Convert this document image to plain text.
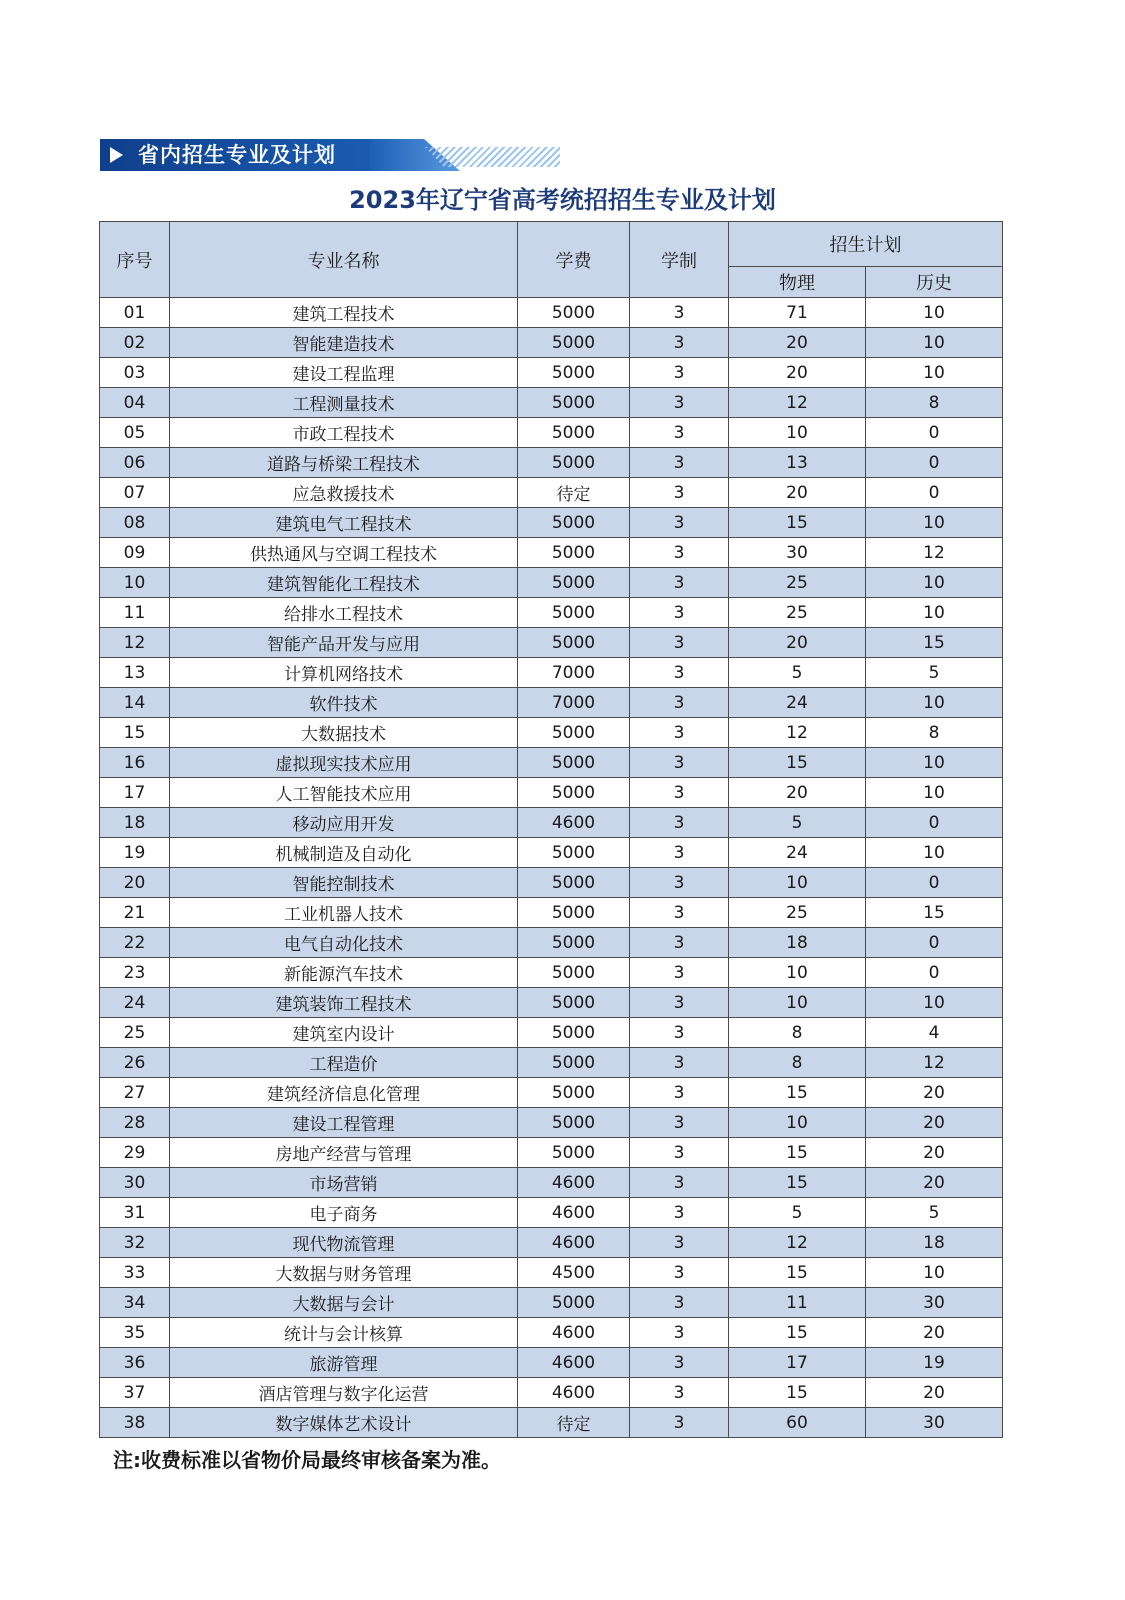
省内招生专业及计划
2023年辽宁省高考统招招生专业及计划
序号	专业名称	学费	学制	招生计划	
				物理	历史
01	建筑工程技术	5000	3	71	10
02	智能建造技术	5000	3	20	10
03	建设工程监理	5000	3	20	10
04	工程测量技术	5000	3	12	8
05	市政工程技术	5000	3	10	0
06	道路与桥梁工程技术	5000	3	13	0
07	应急救援技术	待定	3	20	0
08	建筑电气工程技术	5000	3	15	10
09	供热通风与空调工程技术	5000	3	30	12
10	建筑智能化工程技术	5000	3	25	10
11	给排水工程技术	5000	3	25	10
12	智能产品开发与应用	5000	3	20	15
13	计算机网络技术	7000	3	5	5
14	软件技术	7000	3	24	10
15	大数据技术	5000	3	12	8
16	虚拟现实技术应用	5000	3	15	10
17	人工智能技术应用	5000	3	20	10
18	移动应用开发	4600	3	5	0
19	机械制造及自动化	5000	3	24	10
20	智能控制技术	5000	3	10	0
21	工业机器人技术	5000	3	25	15
22	电气自动化技术	5000	3	18	0
23	新能源汽车技术	5000	3	10	0
24	建筑装饰工程技术	5000	3	10	10
25	建筑室内设计	5000	3	8	4
26	工程造价	5000	3	8	12
27	建筑经济信息化管理	5000	3	15	20
28	建设工程管理	5000	3	10	20
29	房地产经营与管理	5000	3	15	20
30	市场营销	4600	3	15	20
31	电子商务	4600	3	5	5
32	现代物流管理	4600	3	12	18
33	大数据与财务管理	4500	3	15	10
34	大数据与会计	5000	3	11	30
35	统计与会计核算	4600	3	15	20
36	旅游管理	4600	3	17	19
37	酒店管理与数字化运营	4600	3	15	20
38	数字媒体艺术设计	待定	3	60	30
注:收费标准以省物价局最终审核备案为准。
